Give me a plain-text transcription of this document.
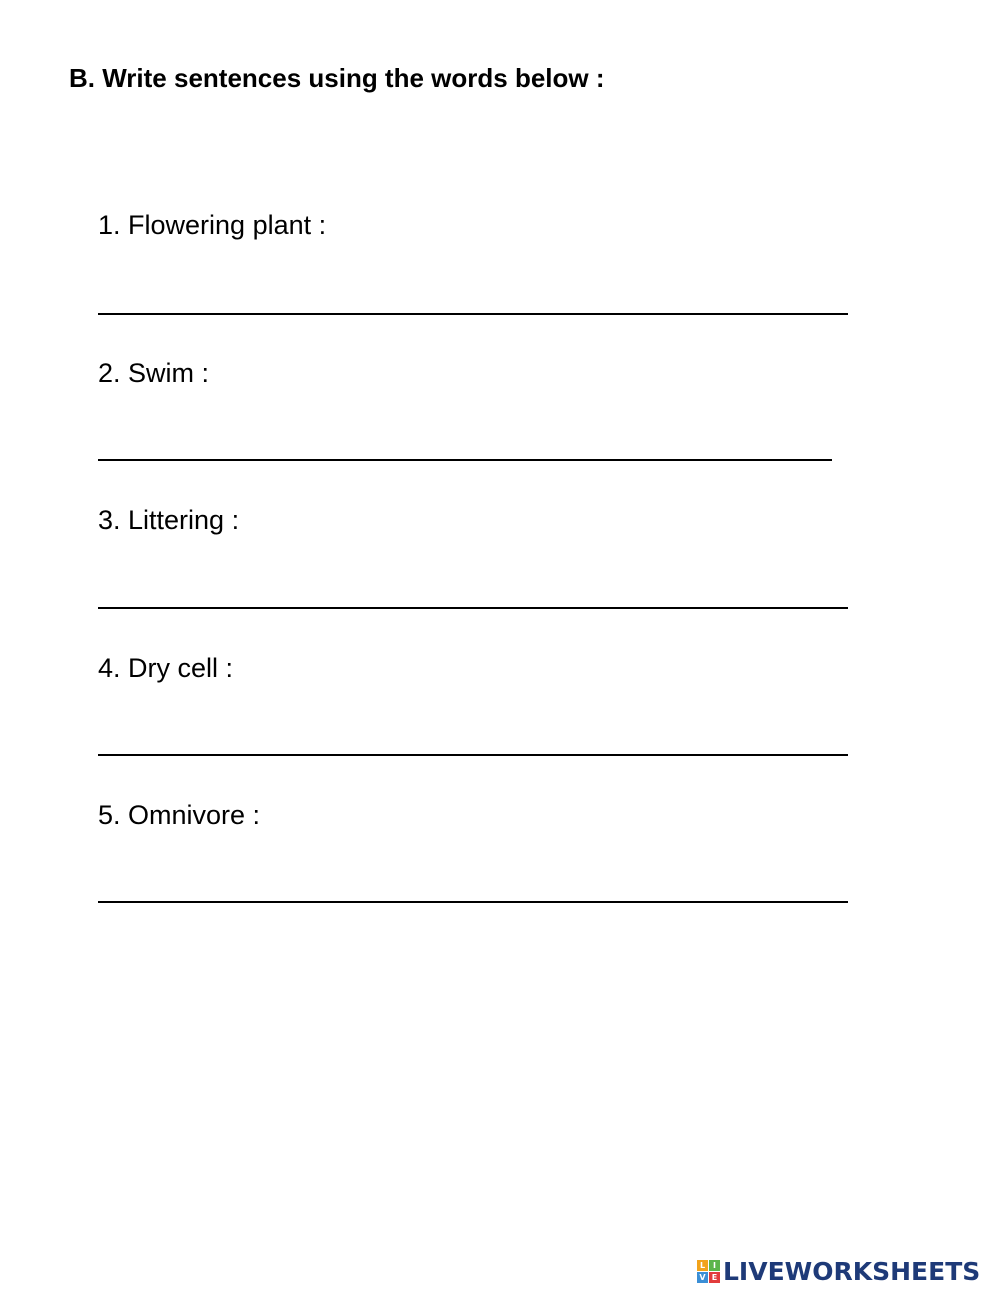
B. Write sentences using the words below :
1. Flowering plant :
2. Swim :
3. Littering :
4. Dry cell :
5. Omnivore :
L I
V E LIVEWORKSHEETS
